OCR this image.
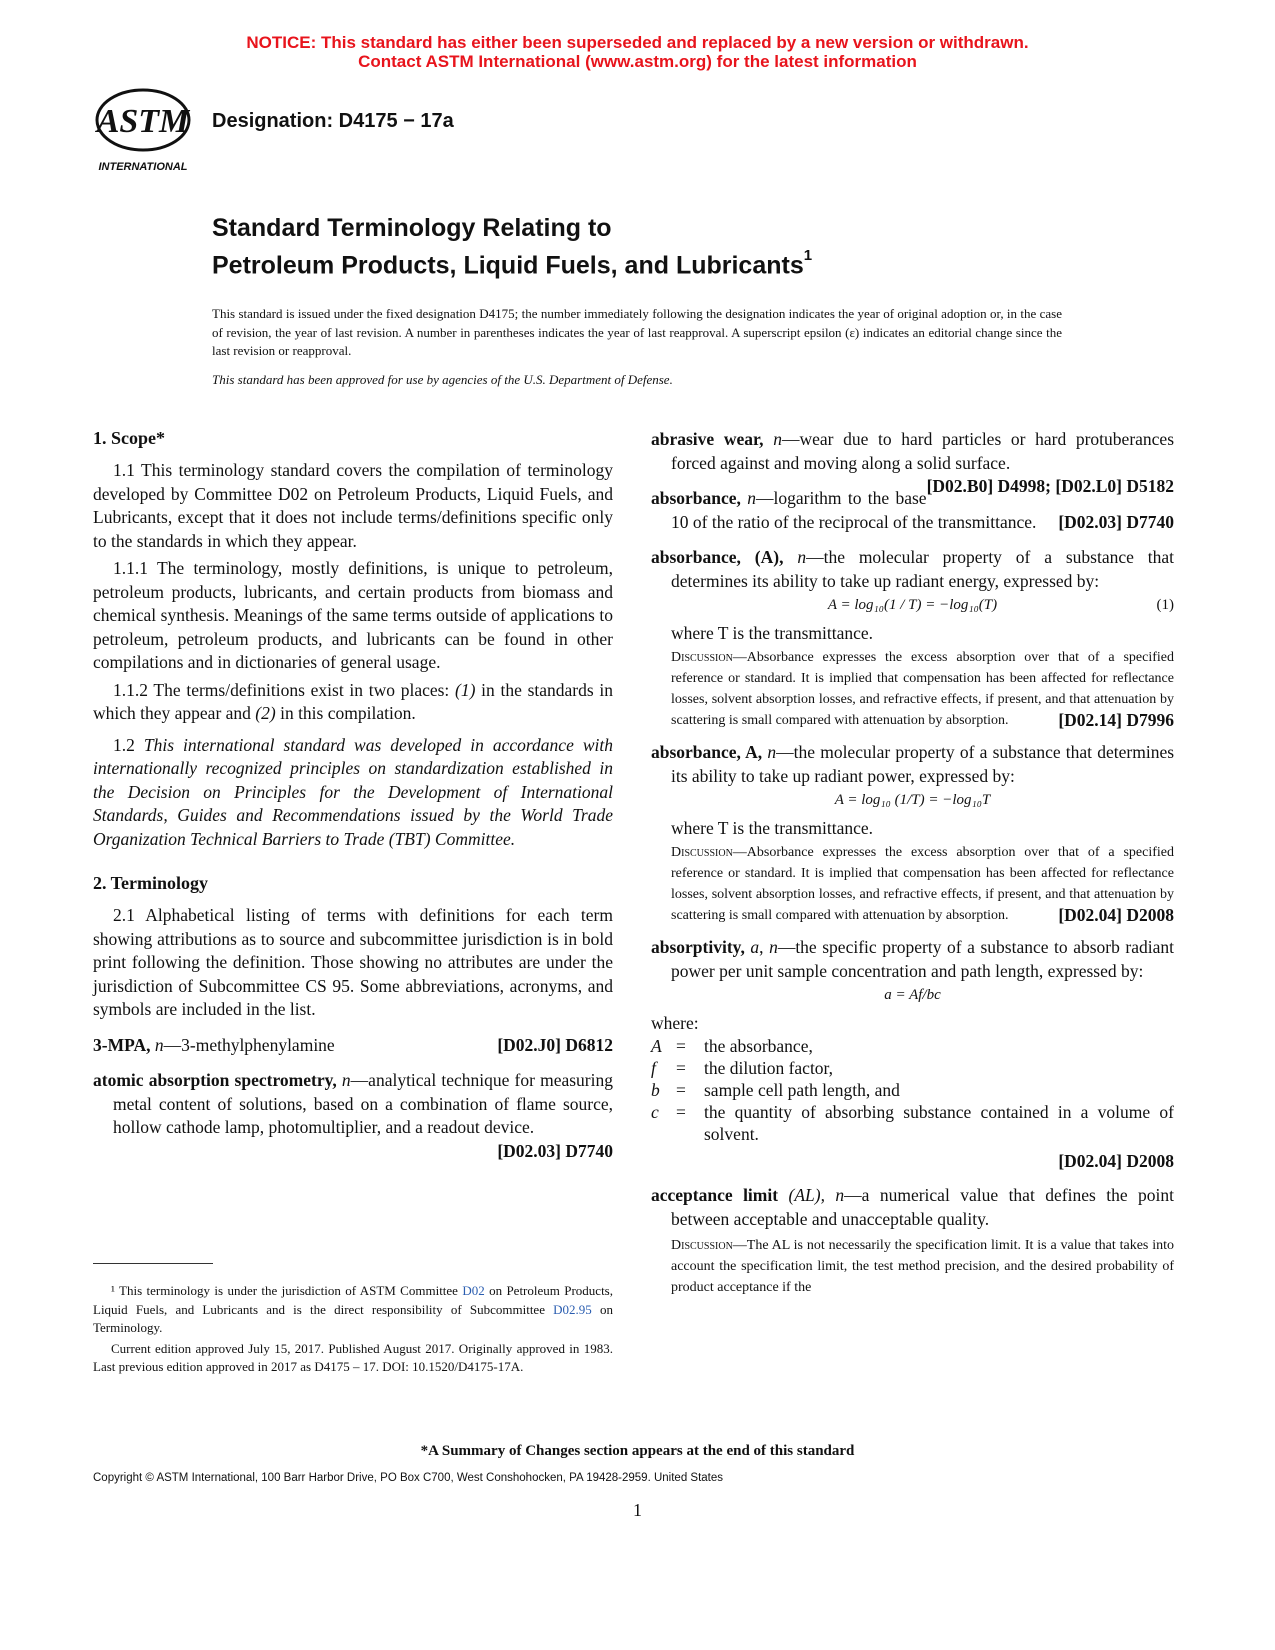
NOTICE: This standard has either been superseded and replaced by a new version or withdrawn.
Contact ASTM International (www.astm.org) for the latest information
ASTM
INTERNATIONAL
Designation: D4175 − 17a
Standard Terminology Relating to
Petroleum Products, Liquid Fuels, and Lubricants$^1$
This standard is issued under the fixed designation D4175; the number immediately following the designation indicates the year of original adoption or, in the case of revision, the year of last revision. A number in parentheses indicates the year of last reapproval. A superscript epsilon (ε) indicates an editorial change since the last revision or reapproval.
This standard has been approved for use by agencies of the U.S. Department of Defense.
1. Scope*

1.1 This terminology standard covers the compilation of terminology developed by Committee D02 on Petroleum Products, Liquid Fuels, and Lubricants, except that it does not include terms/definitions specific only to the standards in which they appear.

1.1.1 The terminology, mostly definitions, is unique to petroleum, petroleum products, lubricants, and certain products from biomass and chemical synthesis. Meanings of the same terms outside of applications to petroleum, petroleum products, and lubricants can be found in other compilations and in dictionaries of general usage.

1.1.2 The terms/definitions exist in two places: (1) in the standards in which they appear and (2) in this compilation.

1.2 This international standard was developed in accordance with internationally recognized principles on standardization established in the Decision on Principles for the Development of International Standards, Guides and Recommendations issued by the World Trade Organization Technical Barriers to Trade (TBT) Committee.

2. Terminology

2.1 Alphabetical listing of terms with definitions for each term showing attributions as to source and subcommittee jurisdiction is in bold print following the definition. Those showing no attributes are under the jurisdiction of Subcommittee CS 95. Some abbreviations, acronyms, and symbols are included in the list.

[D02.J0] D6812
3-MPA, n—3-methylphenylamine
atomic absorption spectrometry, n—analytical technique for measuring metal content of solutions, based on a combination of flame source, hollow cathode lamp, photomultiplier, and a readout device.
[D02.03] D7740

¹ This terminology is under the jurisdiction of ASTM Committee D02 on Petroleum Products, Liquid Fuels, and Lubricants and is the direct responsibility of Subcommittee D02.95 on Terminology.

Current edition approved July 15, 2017. Published August 2017. Originally approved in 1983. Last previous edition approved in 2017 as D4175 – 17. DOI: 10.1520/D4175-17A.

abrasive wear, n—wear due to hard particles or hard protuberances forced against and moving along a solid surface.
[D02.B0] D4998; [D02.L0] D5182
absorbance, n—logarithm to the base 10 of the ratio of the reciprocal of the transmittance. [D02.03] D7740
absorbance, (A), n—the molecular property of a substance that determines its ability to take up radiant energy, expressed by:
A = log₁₀(1 / T) = −log₁₀(T)	(1)
where T is the transmittance.
Discussion—Absorbance expresses the excess absorption over that of a specified reference or standard. It is implied that compensation has been affected for reflectance losses, solvent absorption losses, and refractive effects, if present, and that attenuation by scattering is small compared with attenuation by absorption.	[D02.14] D7996
absorbance, A, n—the molecular property of a substance that determines its ability to take up radiant power, expressed by:
A = log₁₀ (1/T) = −log₁₀T
where T is the transmittance.
Discussion—Absorbance expresses the excess absorption over that of a specified reference or standard. It is implied that compensation has been affected for reflectance losses, solvent absorption losses, and refractive effects, if present, and that attenuation by scattering is small compared with attenuation by absorption.	[D02.04] D2008
absorptivity, a, n—the specific property of a substance to absorb radiant power per unit sample concentration and path length, expressed by:
a = Af/bc
where:
A =	the absorbance,
f	=	the dilution factor,
b =	sample cell path length, and
c =	the quantity of absorbing substance contained in a volume of solvent.
[D02.04] D2008
acceptance limit (AL), n—a numerical value that defines the point between acceptable and unacceptable quality.
Discussion—The AL is not necessarily the specification limit. It is a value that takes into account the specification limit, the test method precision, and the desired probability of product acceptance if the
*A Summary of Changes section appears at the end of this standard
Copyright © ASTM International, 100 Barr Harbor Drive, PO Box C700, West Conshohocken, PA 19428-2959. United States
1
